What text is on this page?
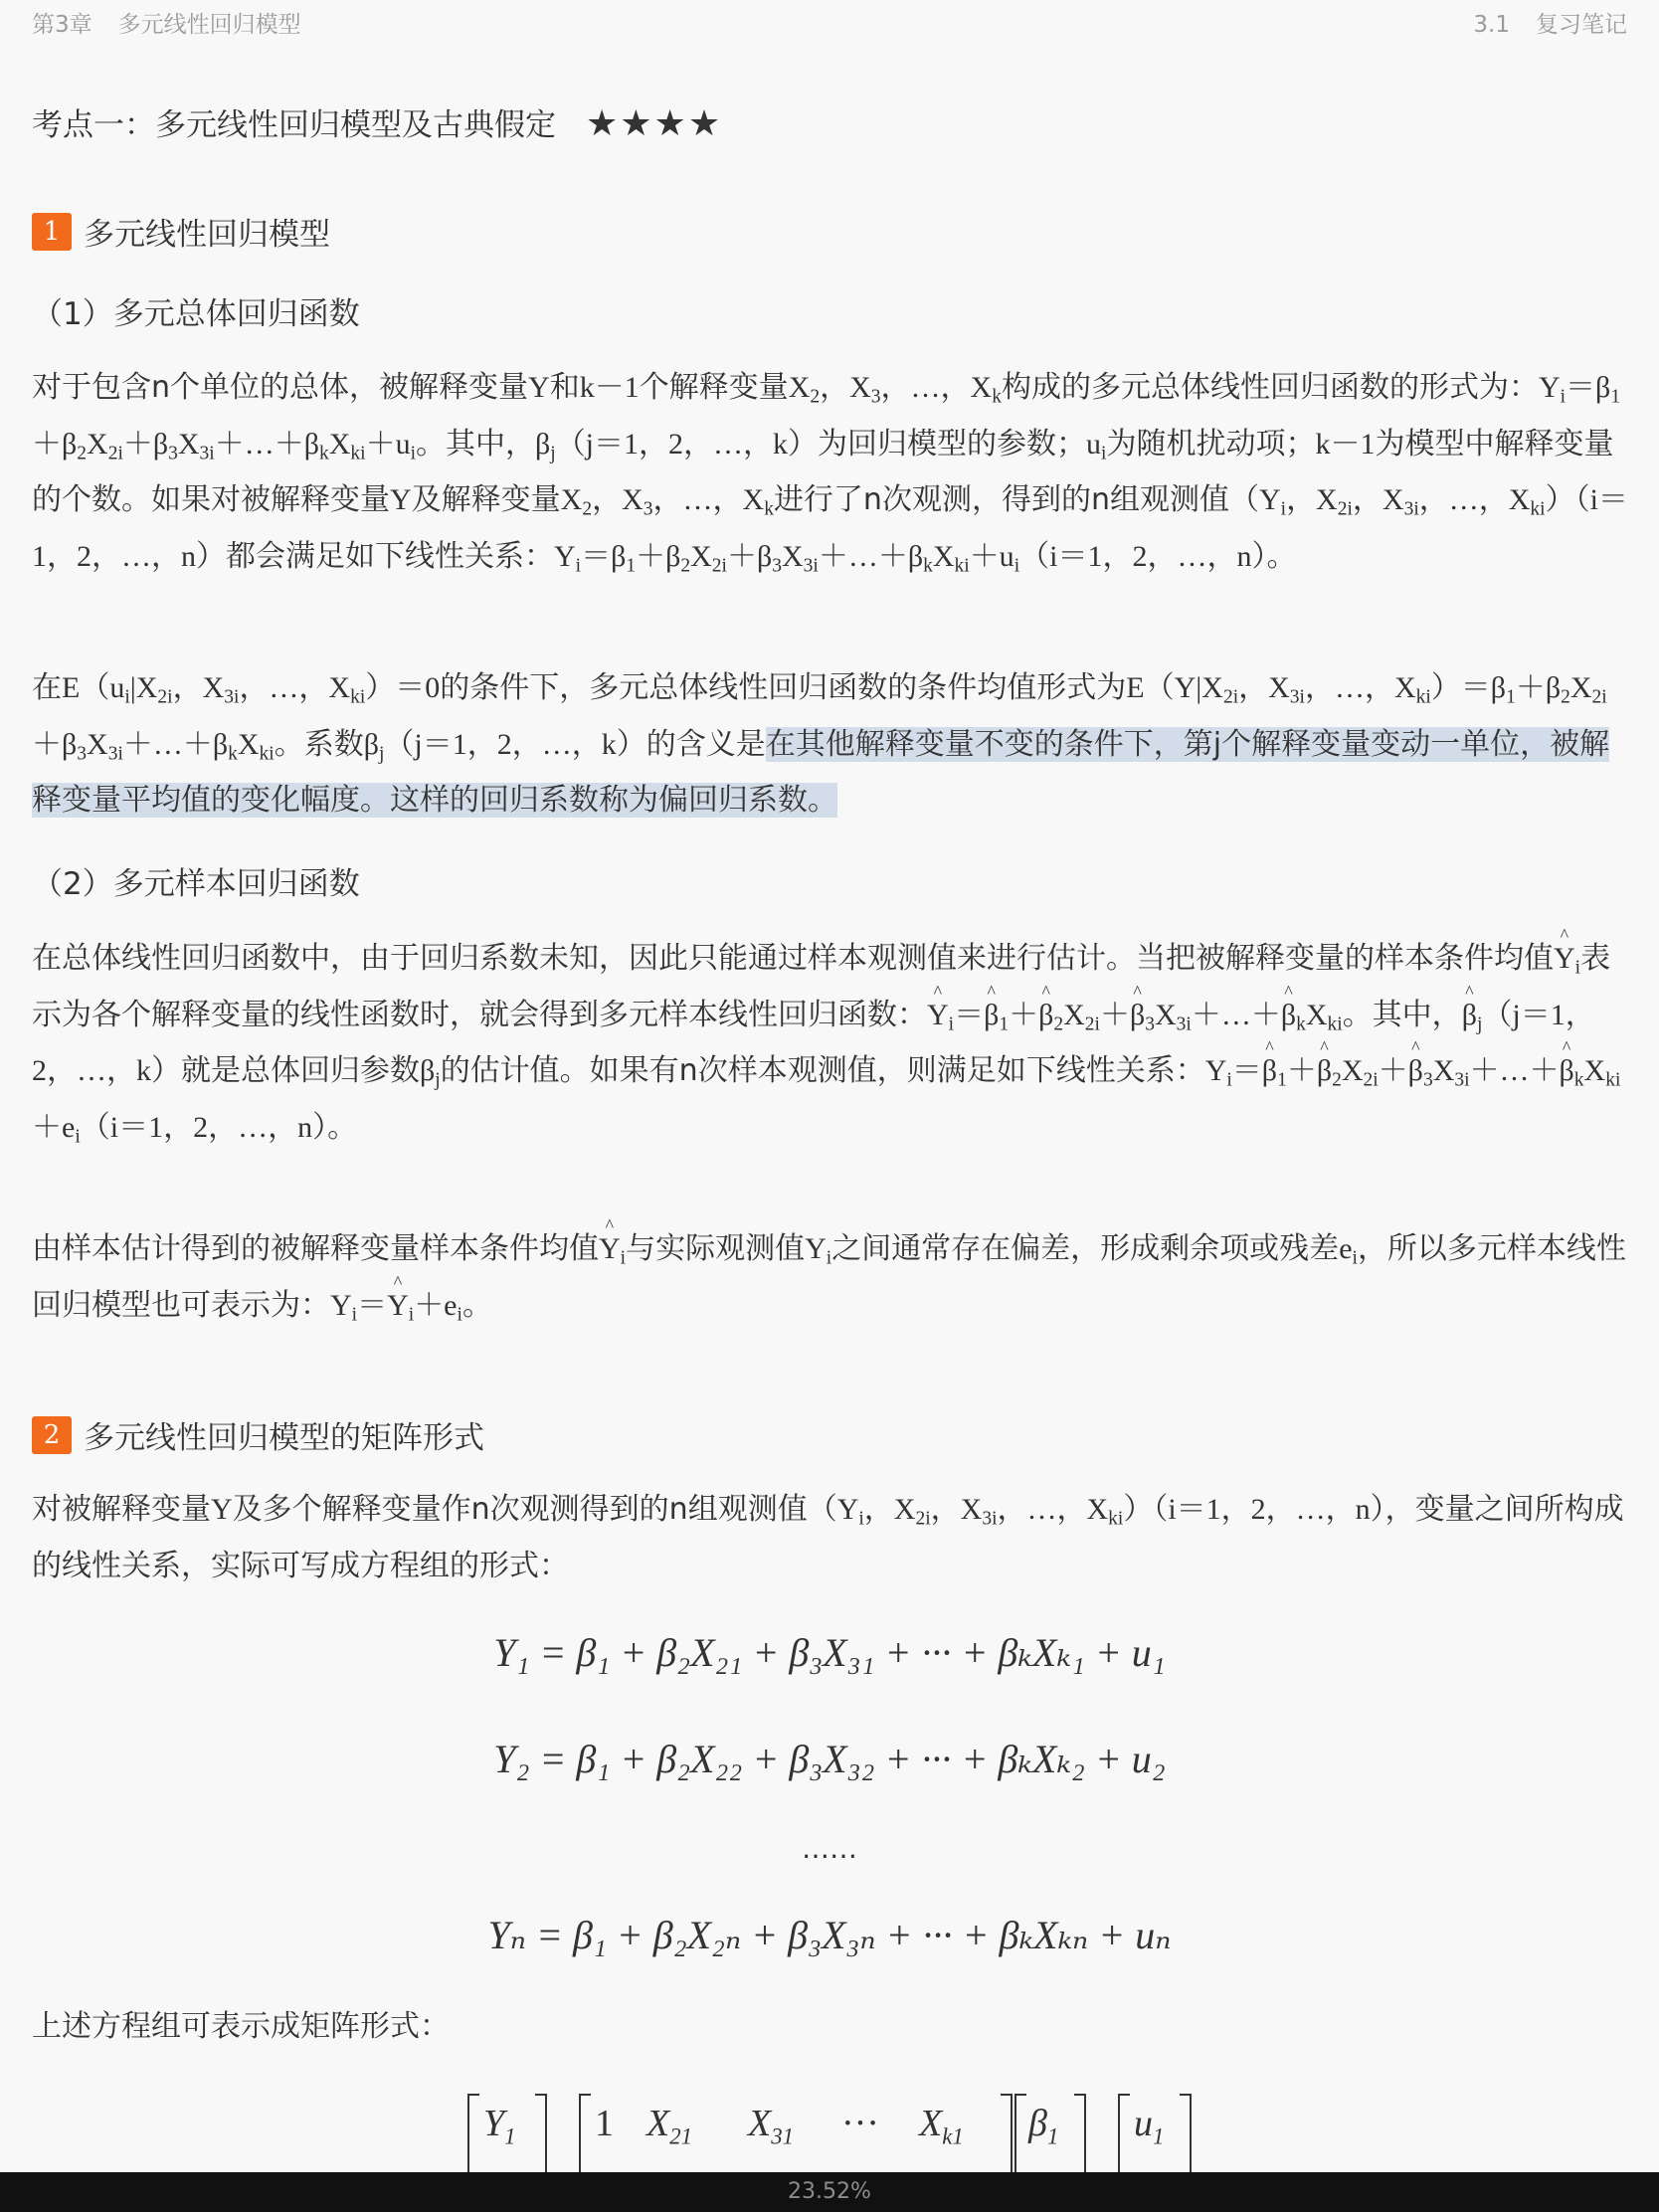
第3章 多元线性回归模型	3.1 复习笔记
考点一：多元线性回归模型及古典假定 ★★★★
1 多元线性回归模型
（1）多元总体回归函数

对于包含n个单位的总体，被解释变量Y和k－1个解释变量$X_2$，$X_3$，…，$X_k$构成的多元总体线性回归函数的形式为：$Y_i=\beta_1+\beta_2X_{2i}+\beta_3X_{3i}+\dots+\beta_kX_{ki}+u_i$。其中，$\beta_j(j=1$，2，…，k）为回归模型的参数；$u_i$为随机扰动项；k－1为模型中解释变量的个数。如果对被解释变量Y及解释变量$X_2$，$X_3$，…，$X_k$进行了n次观测，得到的n组观测值（$Y_i$，$X_{2i}$，$X_{3i}$，…，$X_{ki})(i=1$，2，…，n）都会满足如下线性关系：$Y_i=\beta_1+\beta_2X_{2i}+\beta_3X_{3i}+\dots+\beta_kX_{ki}+u_i(i=1$，2，…，n）。

在$E(u_i|X_{2i}$，$X_{3i}$，…，$X_{ki})=0$的条件下，多元总体线性回归函数的条件均值形式为$E(Y|X_{2i}$，$X_{3i}$，…，$X_{ki})=\beta_1+\beta_2X_{2i}+\beta_3X_{3i}+\dots+\beta_kX_{ki}$。系数$\beta_j(j=1$，2，…，k）的含义是在其他解释变量不变的条件下，第j个解释变量变动一单位，被解释变量平均值的变化幅度。这样的回归系数称为偏回归系数。

（2）多元样本回归函数

在总体线性回归函数中，由于回归系数未知，因此只能通过样本观测值来进行估计。当把被解释变量的样本条件均值^ $Y_i$表示为各个解释变量的线性函数时，就会得到多元样本线性回归函数：^ $Y_i=\^{}$ $\beta_1+\^{}$ $\beta_2X_{2i}+\^{}$ $\beta_3X_{3i}+\dots+\^{}$ $\beta_kX_{ki}$。其中，^ $\beta_j(j=1$，2，…，k）就是总体回归参数$\beta_j$的估计值。如果有n次样本观测值，则满足如下线性关系：$Y_i=\^{}$ $\beta_1+\^{}$ $\beta_2X_{2i}+\^{}$ $\beta_3X_{3i}+\dots+\^{}$ $\beta_kX_{ki}+e_i(i=1$，2，…，n）。

由样本估计得到的被解释变量样本条件均值^ $Y_i$与实际观测值$Y_i$之间通常存在偏差，形成剩余项或残差$e_i$，所以多元样本线性回归模型也可表示为：$Y_i=\^{}$ $Y_i+e_i$。

2 多元线性回归模型的矩阵形式

对被解释变量Y及多个解释变量作n次观测得到的n组观测值（$Y_i$，$X_{2i}$，$X_{3i}$，…，$X_{ki})(i=1$，2，…，n），变量之间所构成的线性关系，实际可写成方程组的形式：

Y₁ = β₁ + β₂X₂₁ + β₃X₃₁ + ··· + βₖXₖ₁ + u₁
Y₂ = β₁ + β₂X₂₂ + β₃X₃₂ + ··· + βₖXₖ₂ + u₂
……
Yₙ = β₁ + β₂X₂ₙ + β₃X₃ₙ + ··· + βₖXₖₙ + uₙ

上述方程组可表示成矩阵形式：

$Y_1$ 1 $X_{21}$ $X_{31}$ ··· $X_{k1}$ $\beta_1$ $u_1$
23.52%
